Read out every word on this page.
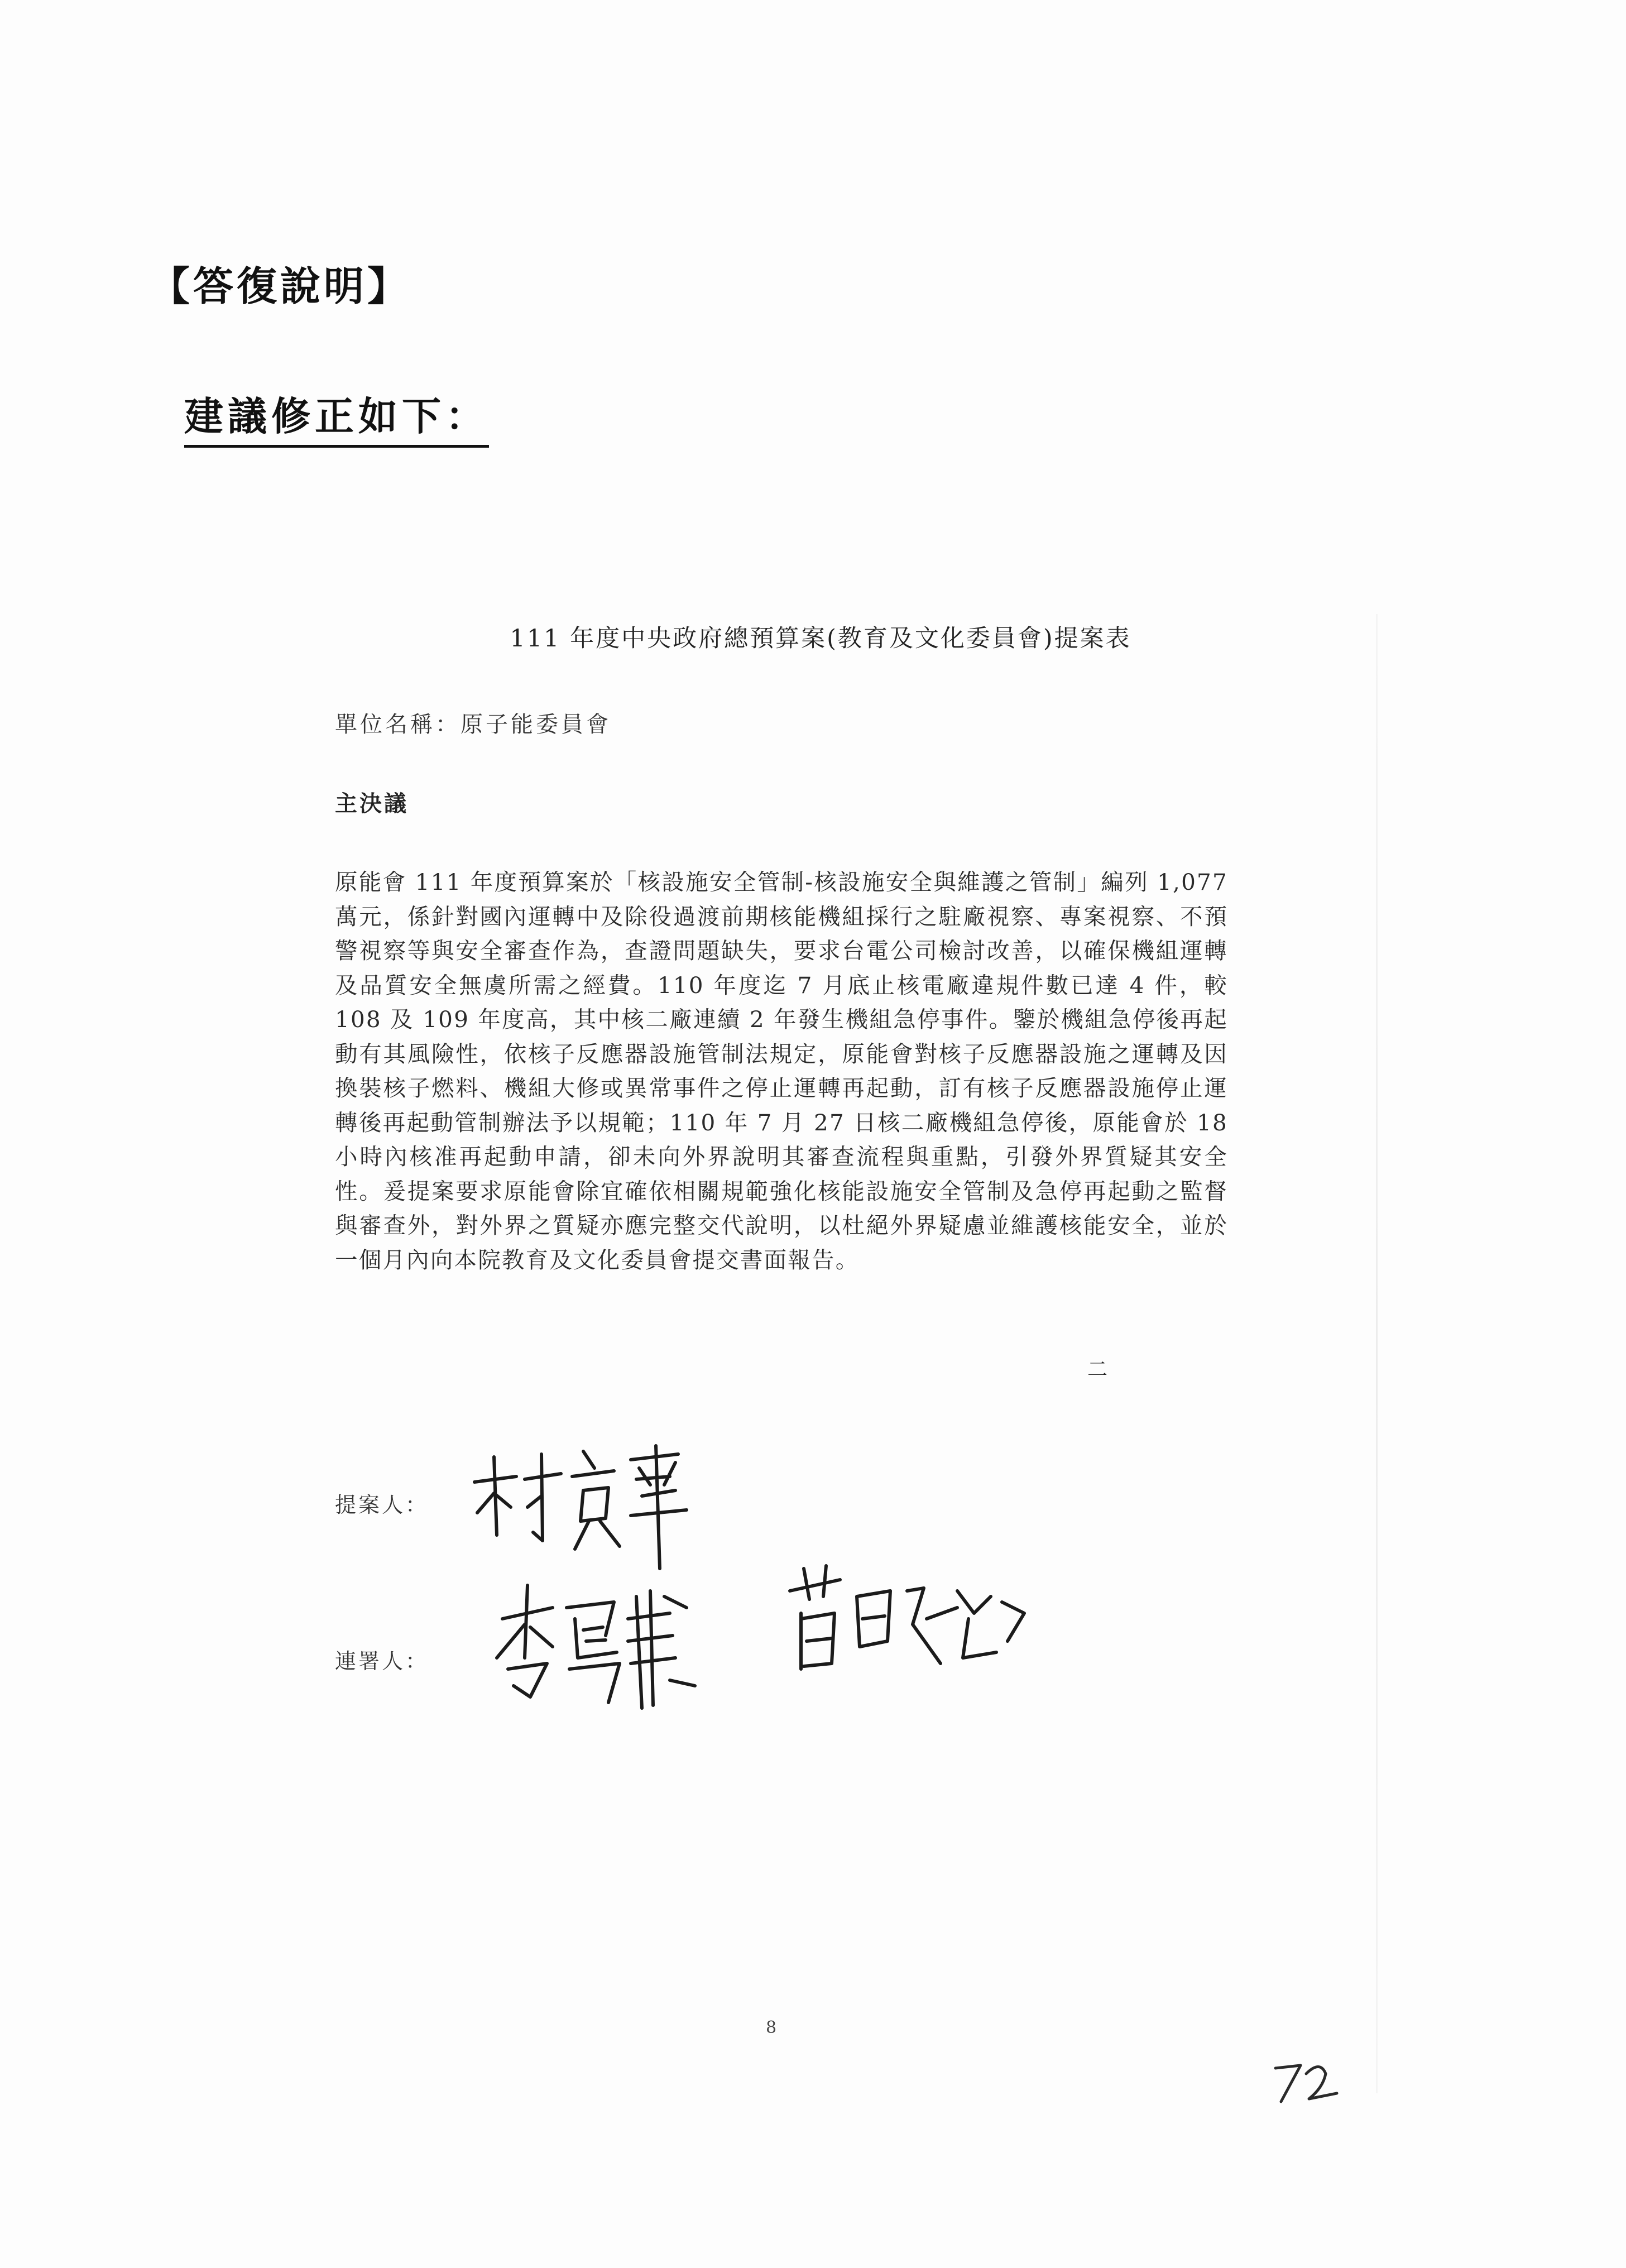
【答復說明】
建議修正如下：
111 年度中央政府總預算案(教育及文化委員會)提案表
單位名稱：原子能委員會
主決議
原能會 111 年度預算案於「核設施安全管制-核設施安全與維護之管制」編列 1,077 萬元，係針對國內運轉中及除役過渡前期核能機組採行之駐廠視察、專案視察、不預警視察等與安全審查作為，查證問題缺失，要求台電公司檢討改善，以確保機組運轉及品質安全無虞所需之經費。110 年度迄 7 月底止核電廠違規件數已達 4 件，較 108 及 109 年度高，其中核二廠連續 2 年發生機組急停事件。鑒於機組急停後再起動有其風險性，依核子反應器設施管制法規定，原能會對核子反應器設施之運轉及因換裝核子燃料、機組大修或異常事件之停止運轉再起動，訂有核子反應器設施停止運轉後再起動管制辦法予以規範；110 年 7 月 27 日核二廠機組急停後，原能會於 18 小時內核准再起動申請，卻未向外界說明其審查流程與重點，引發外界質疑其安全性。爰提案要求原能會除宜確依相關規範強化核能設施安全管制及急停再起動之監督與審查外，對外界之質疑亦應完整交代說明，以杜絕外界疑慮並維護核能安全，並於一個月內向本院教育及文化委員會提交書面報告。
二
提案人：
連署人：
8
